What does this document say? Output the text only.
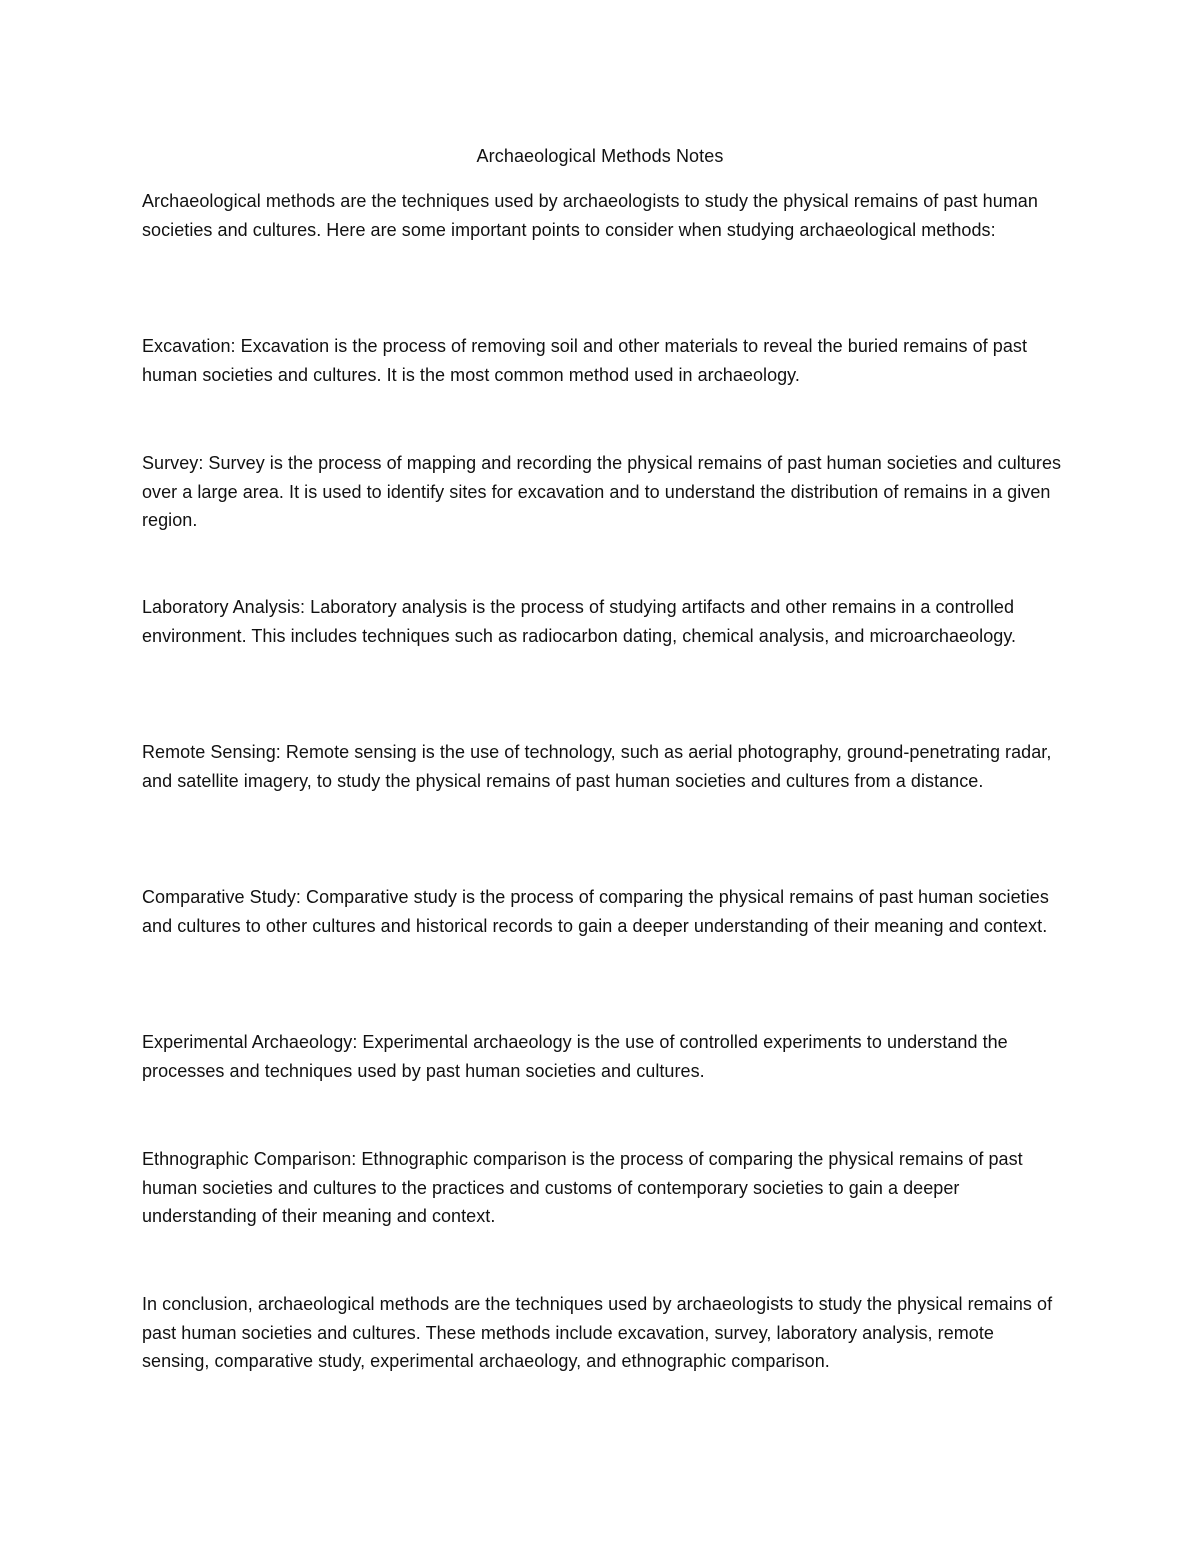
Archaeological Methods Notes

Archaeological methods are the techniques used by archaeologists to study the physical remains of past human societies and cultures. Here are some important points to consider when studying archaeological methods:

Excavation: Excavation is the process of removing soil and other materials to reveal the buried remains of past human societies and cultures. It is the most common method used in archaeology.

Survey: Survey is the process of mapping and recording the physical remains of past human societies and cultures over a large area. It is used to identify sites for excavation and to understand the distribution of remains in a given region.

Laboratory Analysis: Laboratory analysis is the process of studying artifacts and other remains in a controlled environment. This includes techniques such as radiocarbon dating, chemical analysis, and microarchaeology.

Remote Sensing: Remote sensing is the use of technology, such as aerial photography, ground-penetrating radar, and satellite imagery, to study the physical remains of past human societies and cultures from a distance.

Comparative Study: Comparative study is the process of comparing the physical remains of past human societies and cultures to other cultures and historical records to gain a deeper understanding of their meaning and context.

Experimental Archaeology: Experimental archaeology is the use of controlled experiments to understand the processes and techniques used by past human societies and cultures.

Ethnographic Comparison: Ethnographic comparison is the process of comparing the physical remains of past human societies and cultures to the practices and customs of contemporary societies to gain a deeper understanding of their meaning and context.

In conclusion, archaeological methods are the techniques used by archaeologists to study the physical remains of past human societies and cultures. These methods include excavation, survey, laboratory analysis, remote sensing, comparative study, experimental archaeology, and ethnographic comparison.
